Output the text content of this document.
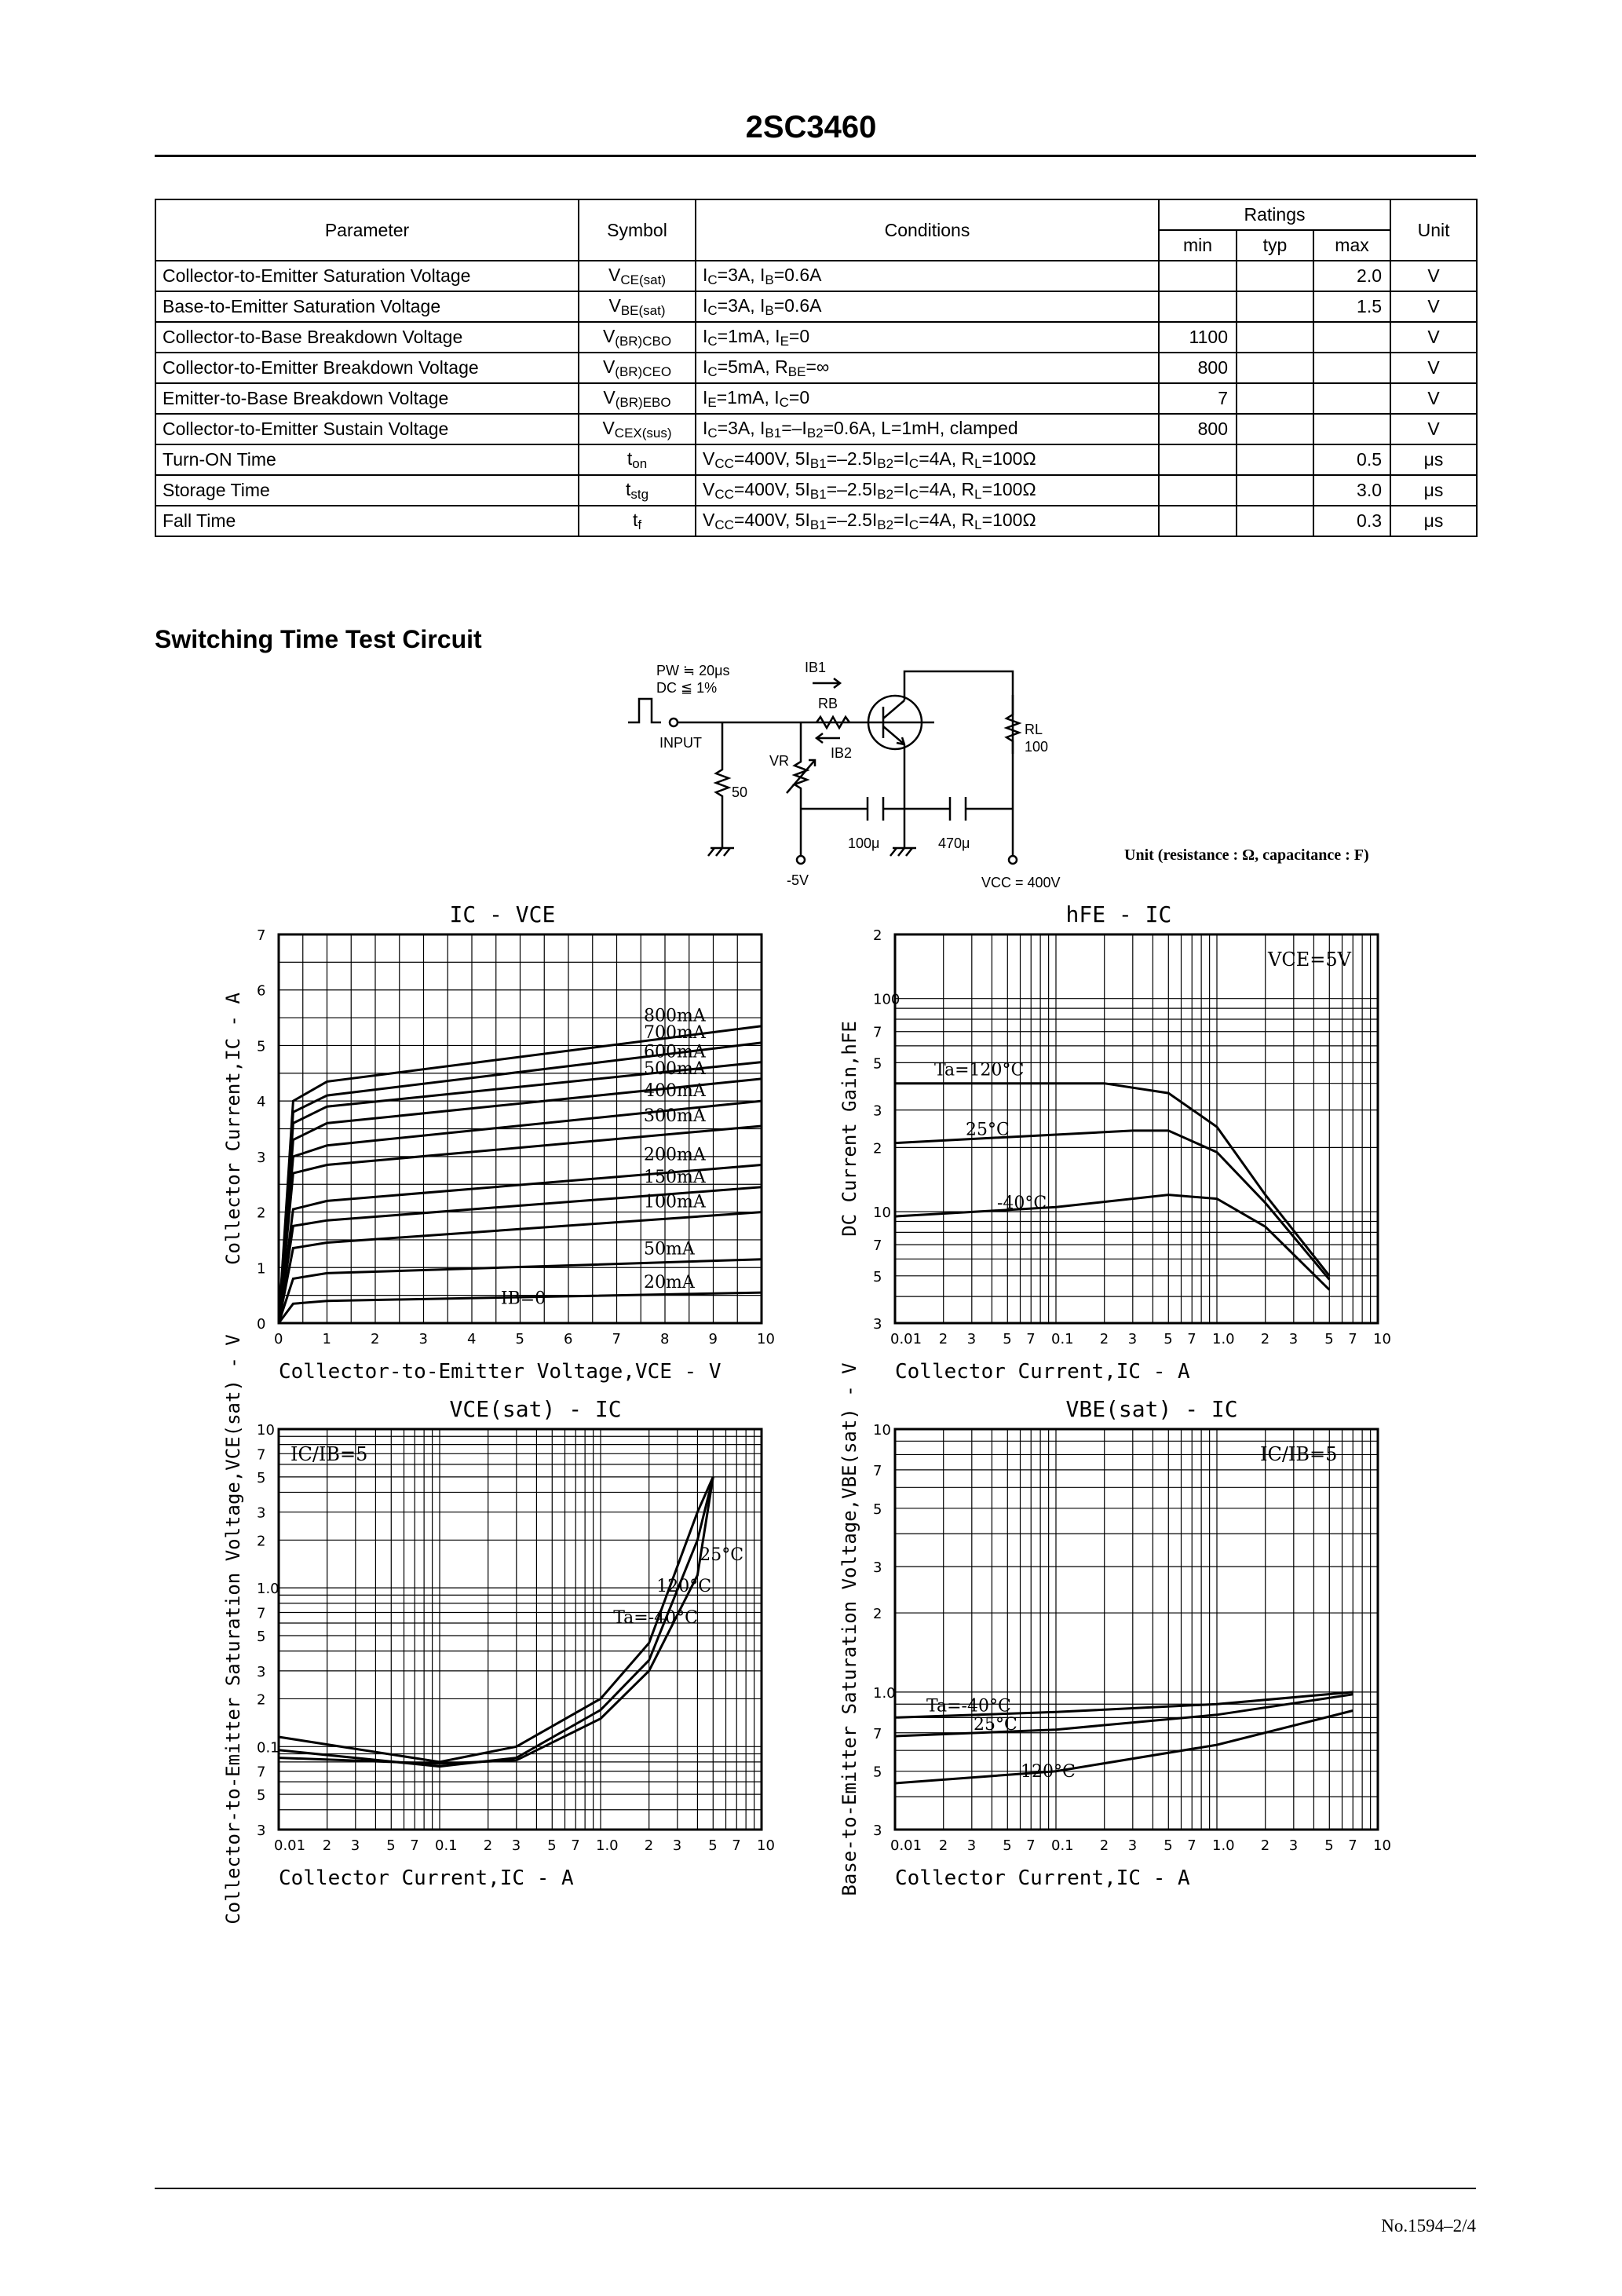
2SC3460
Parameter	Symbol	Conditions	Ratings			Unit
			min	typ	max	
Collector-to-Emitter Saturation Voltage	$V_{CE(sat)}$	$I_C=3A$, $I_B=0.6A$			2.0	V
Base-to-Emitter Saturation Voltage	$V_{BE(sat)}$	$I_C=3A$, $I_B=0.6A$			1.5	V
Collector-to-Base Breakdown Voltage	$V_{(BR)CBO}$	$I_C=1mA$, $I_E=0$	1100			V
Collector-to-Emitter Breakdown Voltage	$V_{(BR)CEO}$	$I_C=5mA$, $R_{BE}=\infty$	800			V
Emitter-to-Base Breakdown Voltage	$V_{(BR)EBO}$	$I_E=1mA$, $I_C=0$	7			V
Collector-to-Emitter Sustain Voltage	$V_{CEX(sus)}$	$I_C=3A$, $I_{B1}=-I_{B2}=0.6A$, L=1mH, clamped	800			V
Turn-ON Time	$t_{on}$	$V_{CC}=400V$, $5I_{B1}=-2.5I_{B2}=I_C=4A$, $R_L=100\Omega$			0.5	μs
Storage Time	$t_{stg}$	$V_{CC}=400V$, $5I_{B1}=-2.5I_{B2}=I_C=4A$, $R_L=100\Omega$			3.0	μs
Fall Time	$t_f$	$V_{CC}=400V$, $5I_{B1}=-2.5I_{B2}=I_C=4A$, $R_L=100\Omega$			0.3	μs
Switching Time Test Circuit
PW ≒ 20μs
DC ≦ 1%
IB1
RB
IB2
VR
RL
100
50
INPUT
100μ	470μ
-5V	VCC = 400V
Unit (resistance : Ω, capacitance : F)
800mA
700mA
600mA
500mA
400mA
300mA
200mA
150mA
100mA
50mA
20mA
0	1	2	3	4	5	6	7	8	9	10
0
1
2
3
4
5
6
7
IC - VCE
Collector-to-Emitter Voltage,VCE - V
Collector Current,IC - A
IB=0
Ta=120°C
25°C
-40°C
0.01 2 3 5 7 0.1 2 3 5 7 1.0 2 3 5 7 10
3
5
7
10
2
3
5
7
100
2
hFE - IC
Collector Current,IC - A
DC Current Gain,hFE
VCE=5V
Ta=-40°C
120°C
25°C
0.01 2 3 5 7 0.1 2 3 5 7 1.0 2 3 5 7 10
3
5
7
0.1
2
3
5
7
1.0
2
3
5
7
10
VCE(sat) - IC
Collector Current,IC - A
Collector-to-Emitter Saturation Voltage,VCE(sat) - V IC/IB=5
Ta=-40°C
25°C
120°C
0.01 2 3 5 7 0.1 2 3 5 7 1.0 2 3 5 7 10
3
5
7
1.0
2
3
5
7
10
VBE(sat) - IC
Collector Current,IC - A
Base-to-Emitter Saturation Voltage,VBE(sat) - V	IC/IB=5
No.1594–2/4
